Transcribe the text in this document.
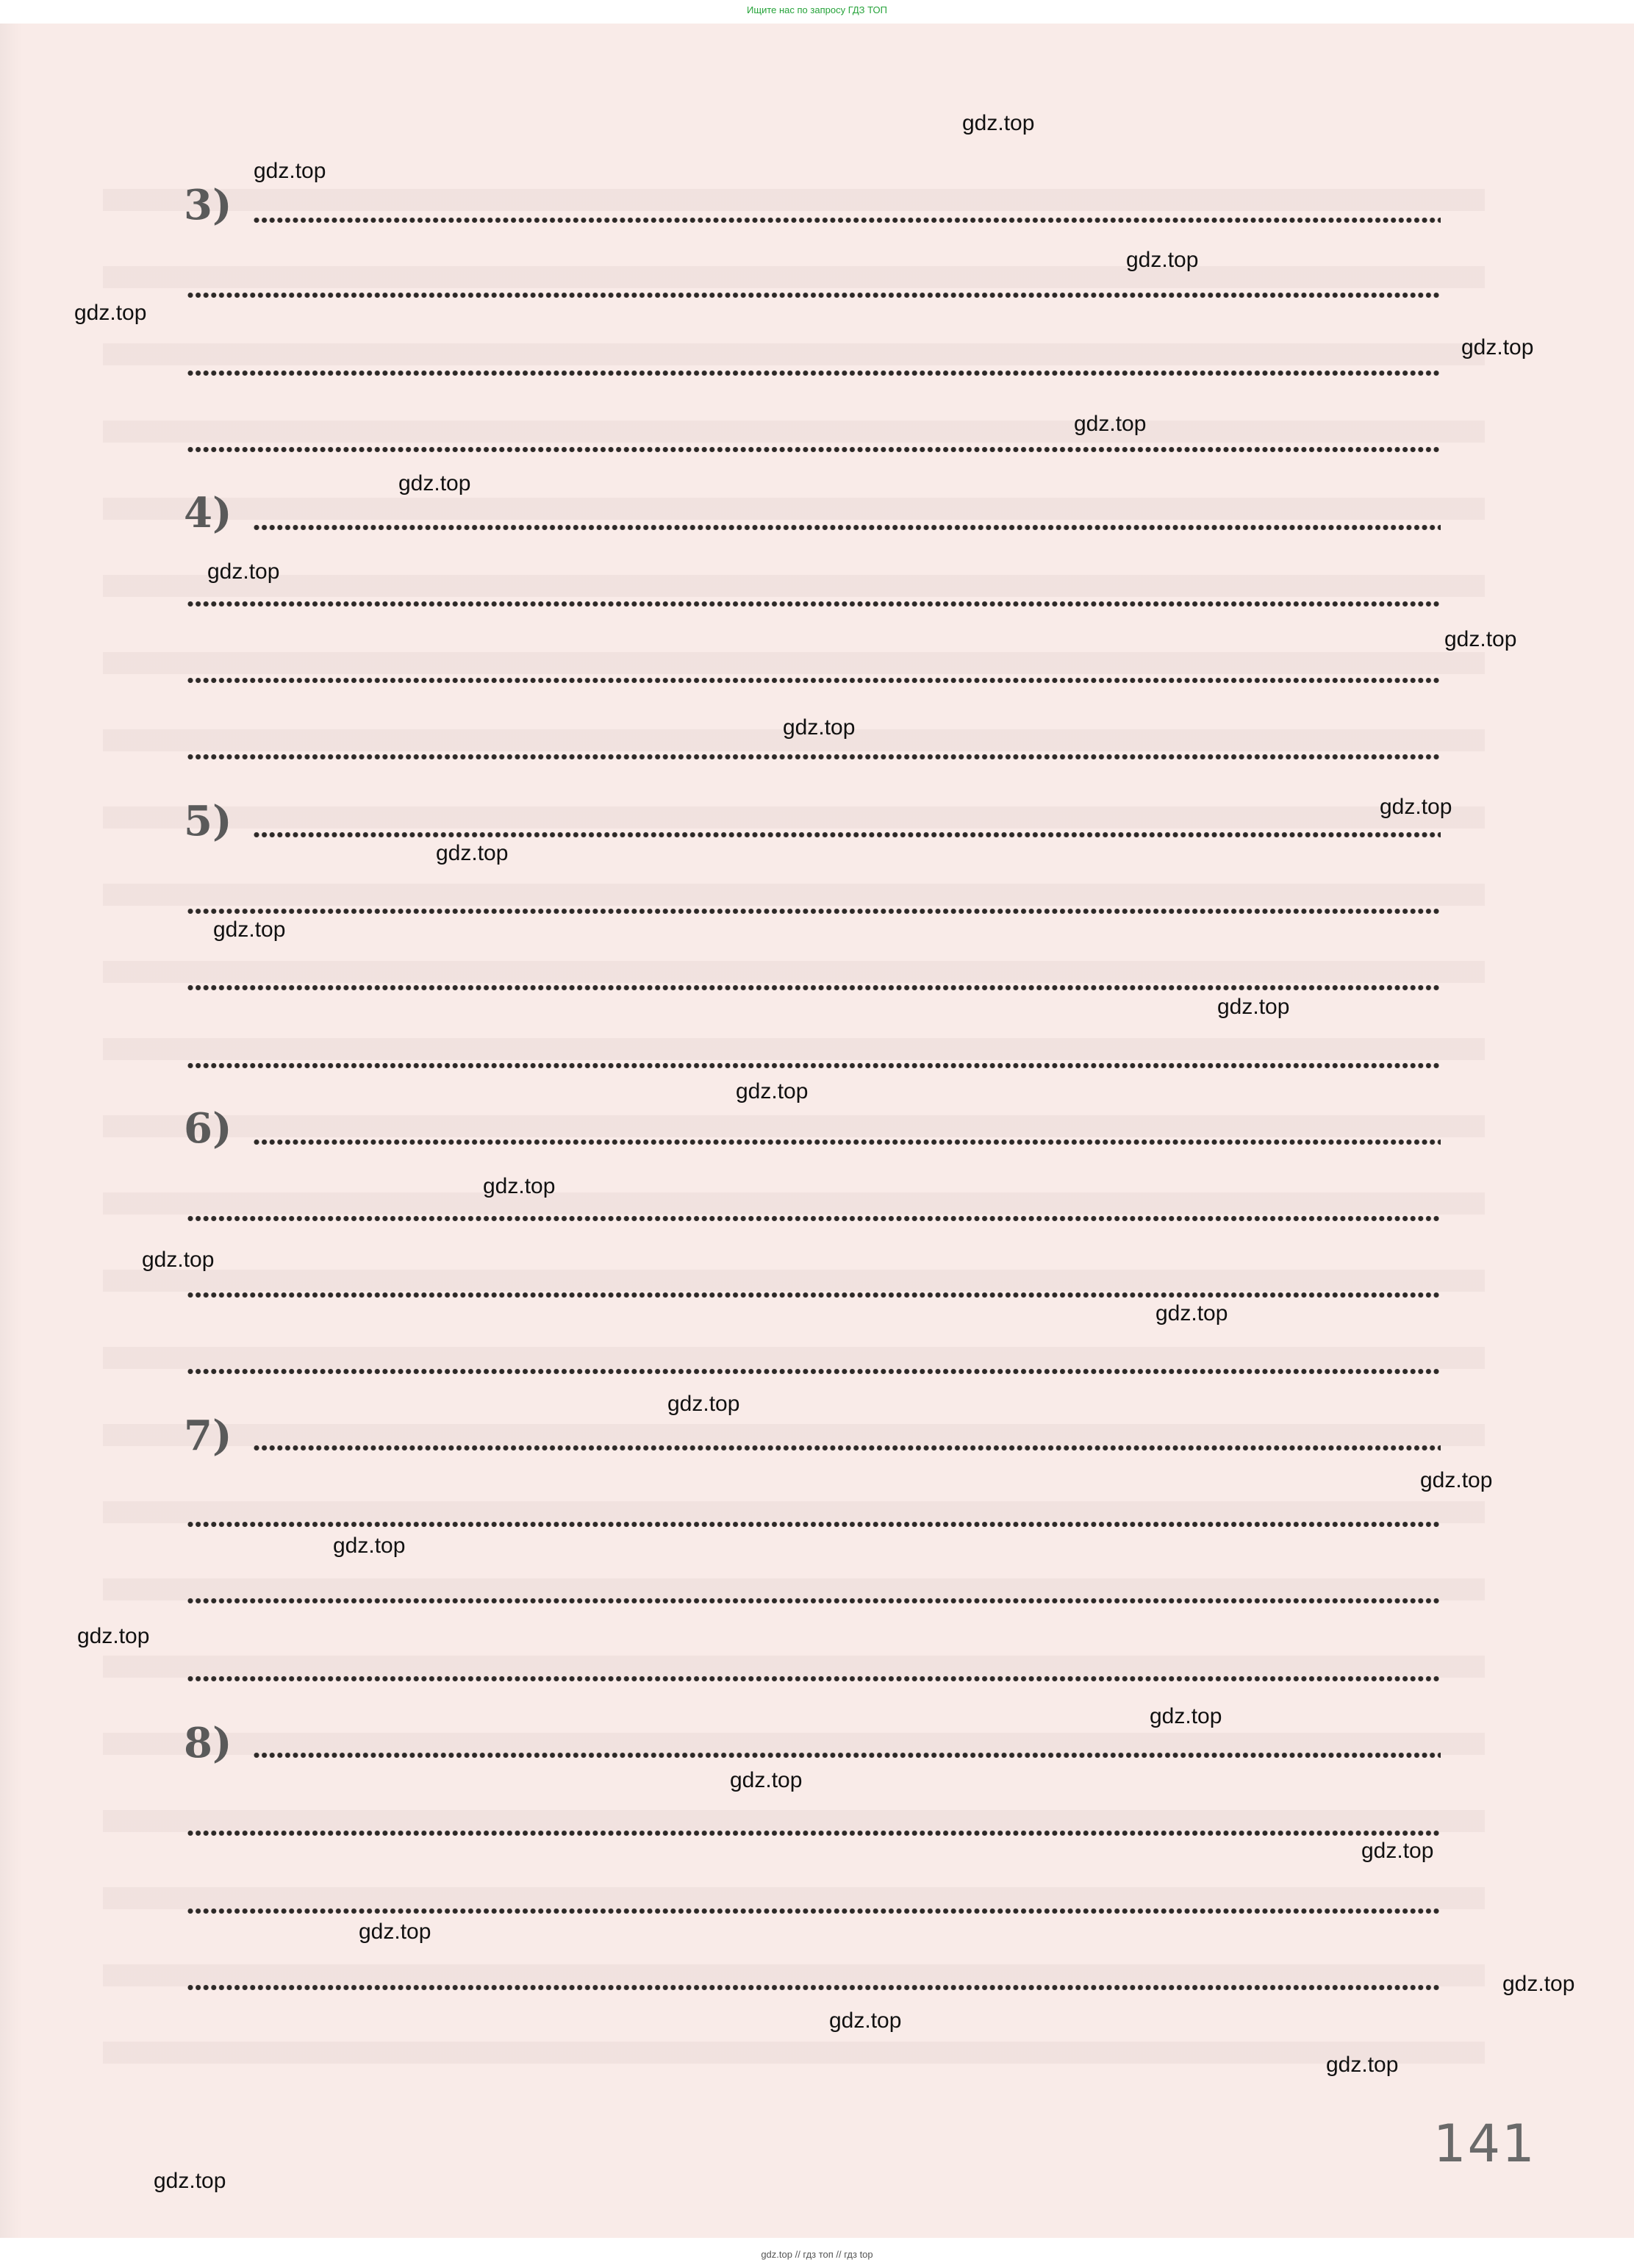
Ищите нас по запросу ГДЗ ТОП
3)
4)
5)
6)
7)
8)
141
gdz.top
gdz.top
gdz.top
gdz.top
gdz.top
gdz.top
gdz.top
gdz.top
gdz.top
gdz.top
gdz.top
gdz.top
gdz.top
gdz.top
gdz.top
gdz.top
gdz.top
gdz.top
gdz.top
gdz.top
gdz.top
gdz.top
gdz.top
gdz.top
gdz.top
gdz.top
gdz.top
gdz.top
gdz.top
gdz.top
gdz.top // гдз топ // гдз top
